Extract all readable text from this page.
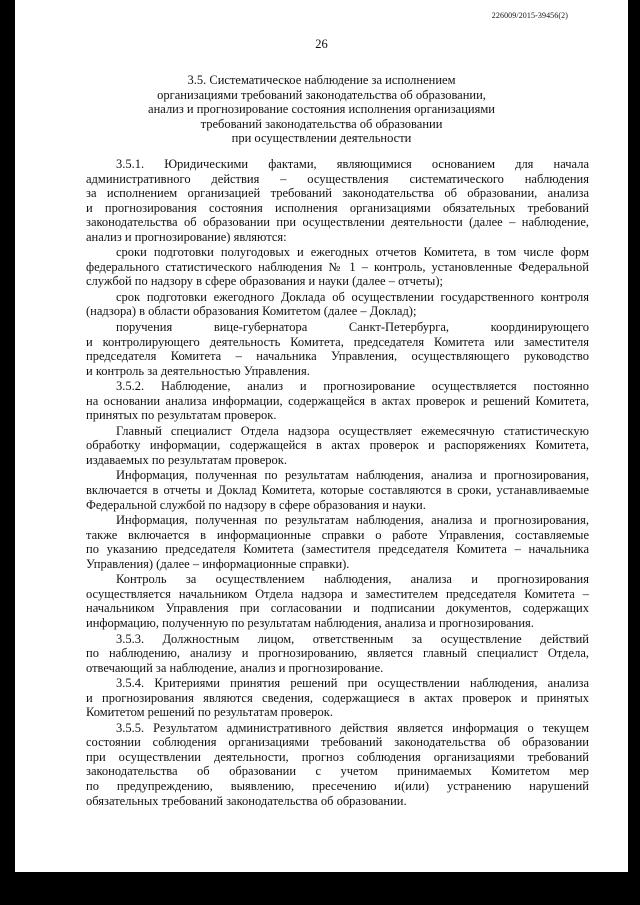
226009/2015-39456(2)
26
3.5. Систематическое наблюдение за исполнением
организациями требований законодательства об образовании,
анализ и прогнозирование состояния исполнения организациями
требований законодательства об образовании
при осуществлении деятельности
3.5.1. Юридическими фактами, являющимися основанием для начала
административного действия – осуществления систематического наблюдения
за исполнением организацией требований законодательства об образовании, анализа
и прогнозирования состояния исполнения организациями обязательных требований
законодательства об образовании при осуществлении деятельности (далее – наблюдение,
анализ и прогнозирование) являются:
сроки подготовки полугодовых и ежегодных отчетов Комитета, в том числе форм
федерального статистического наблюдения № 1 – контроль, установленные Федеральной
службой по надзору в сфере образования и науки (далее – отчеты);
срок подготовки ежегодного Доклада об осуществлении государственного контроля
(надзора) в области образования Комитетом (далее – Доклад);
поручения вице-губернатора Санкт-Петербурга, координирующего
и контролирующего деятельность Комитета, председателя Комитета или заместителя
председателя Комитета – начальника Управления, осуществляющего руководство
и контроль за деятельностью Управления.
3.5.2. Наблюдение, анализ и прогнозирование осуществляется постоянно
на основании анализа информации, содержащейся в актах проверок и решений Комитета,
принятых по результатам проверок.
Главный специалист Отдела надзора осуществляет ежемесячную статистическую
обработку информации, содержащейся в актах проверок и распоряжениях Комитета,
издаваемых по результатам проверок.
Информация, полученная по результатам наблюдения, анализа и прогнозирования,
включается в отчеты и Доклад Комитета, которые составляются в сроки, устанавливаемые
Федеральной службой по надзору в сфере образования и науки.
Информация, полученная по результатам наблюдения, анализа и прогнозирования,
также включается в информационные справки о работе Управления, составляемые
по указанию председателя Комитета (заместителя председателя Комитета – начальника
Управления) (далее – информационные справки).
Контроль за осуществлением наблюдения, анализа и прогнозирования
осуществляется начальником Отдела надзора и заместителем председателя Комитета –
начальником Управления при согласовании и подписании документов, содержащих
информацию, полученную по результатам наблюдения, анализа и прогнозирования.
3.5.3. Должностным лицом, ответственным за осуществление действий
по наблюдению, анализу и прогнозированию, является главный специалист Отдела,
отвечающий за наблюдение, анализ и прогнозирование.
3.5.4. Критериями принятия решений при осуществлении наблюдения, анализа
и прогнозирования являются сведения, содержащиеся в актах проверок и принятых
Комитетом решений по результатам проверок.
3.5.5. Результатом административного действия является информация о текущем
состоянии соблюдения организациями требований законодательства об образовании
при осуществлении деятельности, прогноз соблюдения организациями требований
законодательства об образовании с учетом принимаемых Комитетом мер
по предупреждению, выявлению, пресечению и(или) устранению нарушений
обязательных требований законодательства об образовании.
